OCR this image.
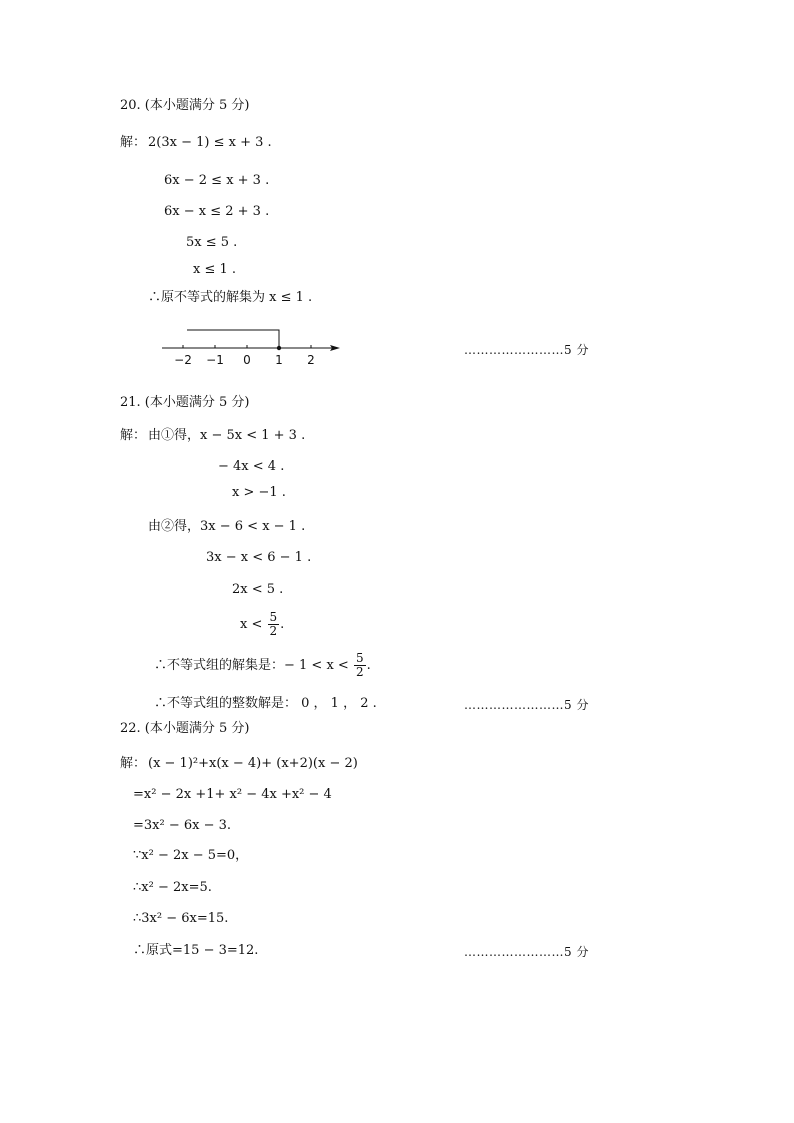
20. (本小题满分 5 分)
解： 2(3x − 1) ≤ x + 3 .
6x − 2 ≤ x + 3 .
6x − x ≤ 2 + 3 .
5x ≤ 5 .
x ≤ 1 .
∴原不等式的解集为 x ≤ 1 .
−2 −1 0 1 2
……………………5 分
21. (本小题满分 5 分)
解： 由①得，x − 5x < 1 + 3 .
− 4x < 4 .
x > −1 .
由②得，3x − 6 < x − 1 .
3x − x < 6 − 1 .
2x < 5 .
$x < \frac{5}{2}$ .
∴不等式组的解集是：− $1 < x < \frac{5}{2}$ .
∴不等式组的整数解是： 0 ， 1 ， 2 .	……………………5 分
22. (本小题满分 5 分)
解： (x − 1)²+x(x − 4)+ (x+2)(x − 2)
=x² − 2x +1+ x² − 4x +x² − 4
=3x² − 6x − 3.
∵x² − 2x − 5=0，
∴x² − 2x=5.
∴3x² − 6x=15.
∴原式=15 − 3=12.	……………………5 分
